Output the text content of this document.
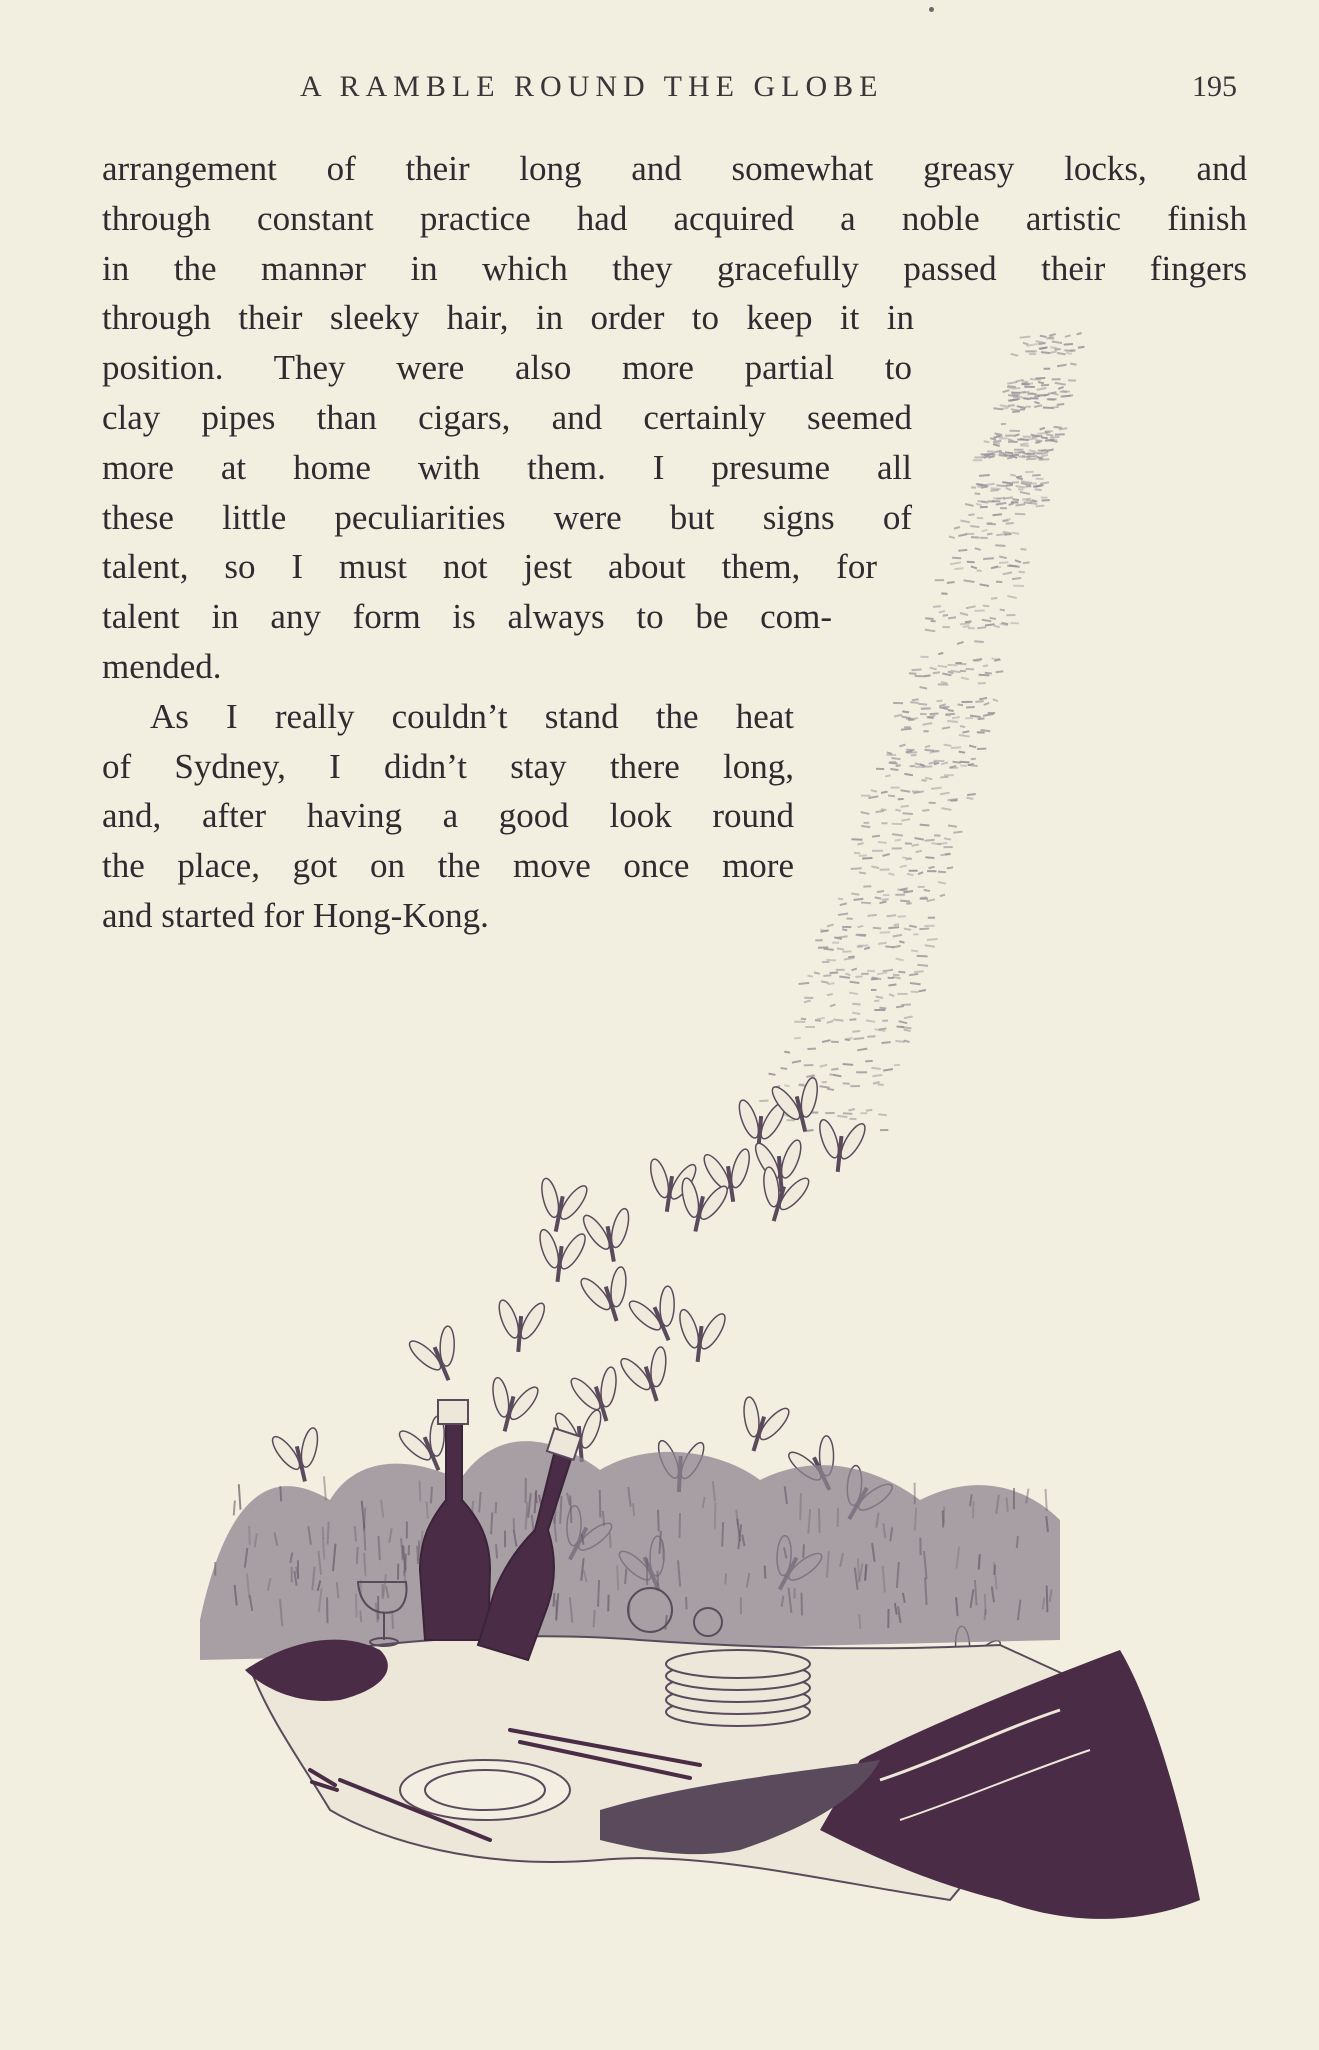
A RAMBLE ROUND THE GLOBE	195
arrangement of their long and somewhat greasy locks, and
through constant practice had acquired a noble artistic finish
in the mannər in which they gracefully passed their fingers
through their sleeky hair, in order to keep it in
position. They were also more partial to
clay pipes than cigars, and certainly seemed
more at home with them. I presume all
these little peculiarities were but signs of
talent, so I must not jest about them, for
talent in any form is always to be com-
mended.
As I really couldn’t stand the heat
of Sydney, I didn’t stay there long,
and, after having a good look round
the place, got on the move once more
and started for Hong-Kong.
